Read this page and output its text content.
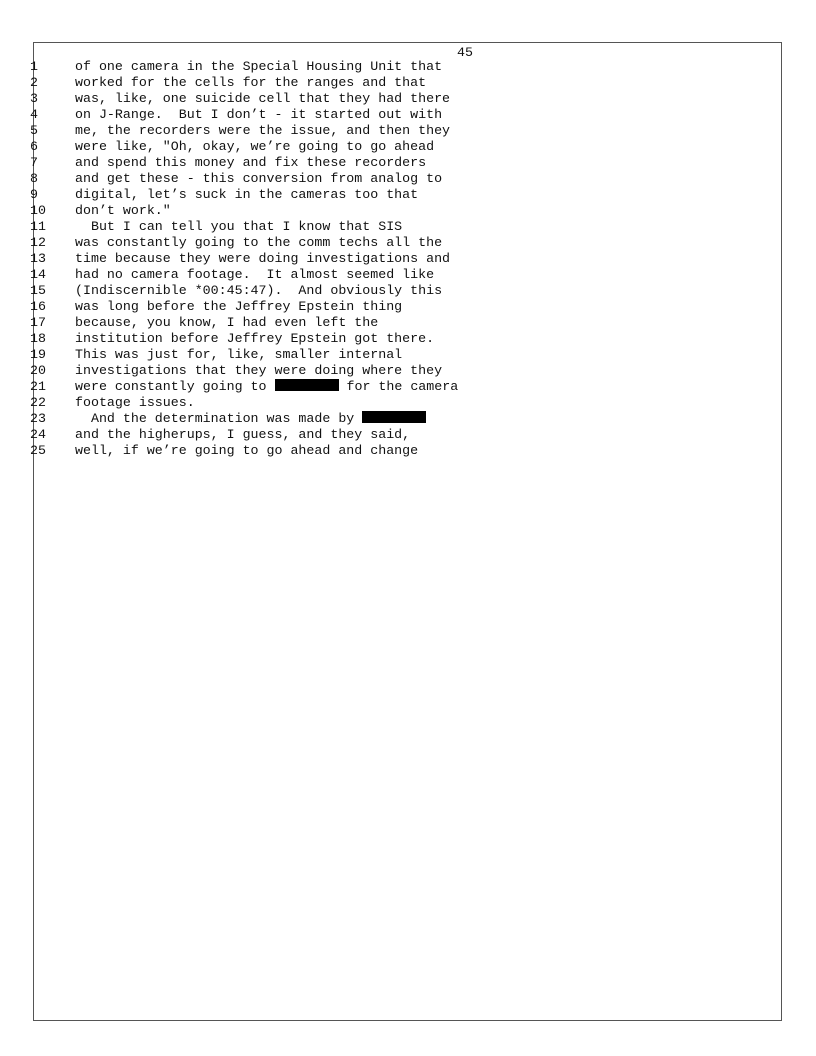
45
1	of one camera in the Special Housing Unit that
2	worked for the cells for the ranges and that
3	was, like, one suicide cell that they had there
4	on J-Range.  But I don’t - it started out with
5	me, the recorders were the issue, and then they
6	were like, "Oh, okay, we’re going to go ahead
7	and spend this money and fix these recorders
8	and get these - this conversion from analog to
9	digital, let’s suck in the cameras too that
10	don’t work."
11	But I can tell you that I know that SIS
12	was constantly going to the comm techs all the
13	time because they were doing investigations and
14	had no camera footage.  It almost seemed like
15	(Indiscernible *00:45:47).  And obviously this
16	was long before the Jeffrey Epstein thing
17	because, you know, I had even left the
18	institution before Jeffrey Epstein got there.
19	This was just for, like, smaller internal
20	investigations that they were doing where they
21	were constantly going to	for the camera
22	footage issues.
23	And the determination was made by
24	and the higherups, I guess, and they said,
25	well, if we’re going to go ahead and change
